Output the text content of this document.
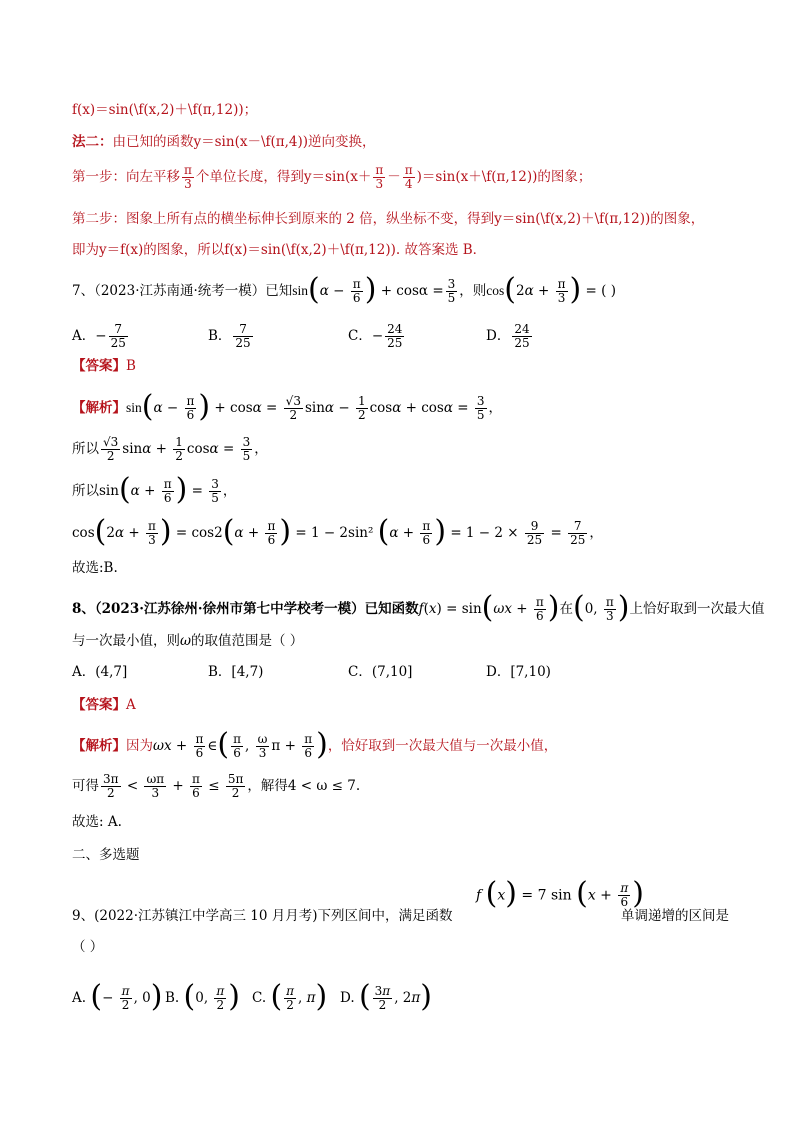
f(x)＝sin(\f(x,2)＋\f(π,12))；
法二：由已知的函数y＝sin(x－\f(π,4))逆向变换，
第一步：向左平移 $\frac{\pi}{3}$ 个单位长度，得到$y=\sin(x+ \frac{\pi}{3} - \frac{\pi}{4}$ )＝sin(x＋\f(π,12))的图象；
第二步：图象上所有点的横坐标伸长到原来的 2 倍，纵坐标不变，得到y＝sin(\f(x,2)＋\f(π,12))的图象，
即为y＝f(x)的图象，所以f(x)＝sin(\f(x,2)＋\f(π,12)). 故答案选 B．
7、（2023·江苏南通·统考一模）已知$\sin(\alpha - \frac{\pi}{6}$ ) + $\cos\alpha = \frac{3}{5}$ ，则$\cos(2\alpha + \frac{\pi}{3}$ ) = ( )
A．− $\frac{7}{25}$	B． $\frac{7}{25}$	C．− $\frac{24}{25}$	D． $\frac{24}{25}$
【答案】B
【解析】$\sin(\alpha - \frac{\pi}{6}$ ) + $\cos\alpha = \frac{√3}{2}$ $\sin\alpha - \frac{1}{2}$ $\cos\alpha + \cos\alpha = \frac{3}{5}$ ，
所以 $\frac{√3}{2}$ $\sin\alpha + \frac{1}{2}$ $\cos\alpha = \frac{3}{5}$ ，
所以$\sin(\alpha + \frac{\pi}{6}$ ) = $\frac{3}{5}$ ，
$\cos(2\alpha + \frac{\pi}{3}$ ) = $\cos 2(\alpha + \frac{\pi}{6}$ ) = 1 − 2sin² ($\alpha + \frac{\pi}{6}$ ) = $1 - 2 \times \frac{9}{25} = \frac{7}{25}$ ，
故选:B.
8、（2023·江苏徐州·徐州市第七中学校考一模）已知函数$f(x) = \sin(\omega x + \frac{\pi}{6}$ )在(0, $\frac{\pi}{3}$ )上恰好取到一次最大值
与一次最小值，则ω的取值范围是（ ）
A．(4,7]	B．[4,7)	C．(7,10]	D．[7,10)
【答案】A
【解析】因为$\omega x + \frac{\pi}{6}$ ∈( $\frac{\pi}{6}$ , $\frac{\omega}{3}$ $\pi + \frac{\pi}{6}$ )，恰好取到一次最大值与一次最小值，
可得 $\frac{3\pi}{2} < \frac{\omega\pi}{3} + \frac{\pi}{6} \le \frac{5\pi}{2}$ ，解得4 < ω ≤ 7.
故选: A.
二、多选题
9、(2022·江苏镇江中学高三 10 月月考)下列区间中，满足函数
f (x) = 7 $\sin (x + \frac{\pi}{6}$ )
单调递增的区间是
（ ）
A. (− $\frac{\pi}{2}$ , 0) B. (0, $\frac{\pi}{2}$ ) C. ( $\frac{\pi}{2}$ , π) D. ( $\frac{3\pi}{2}$ , 2π)
